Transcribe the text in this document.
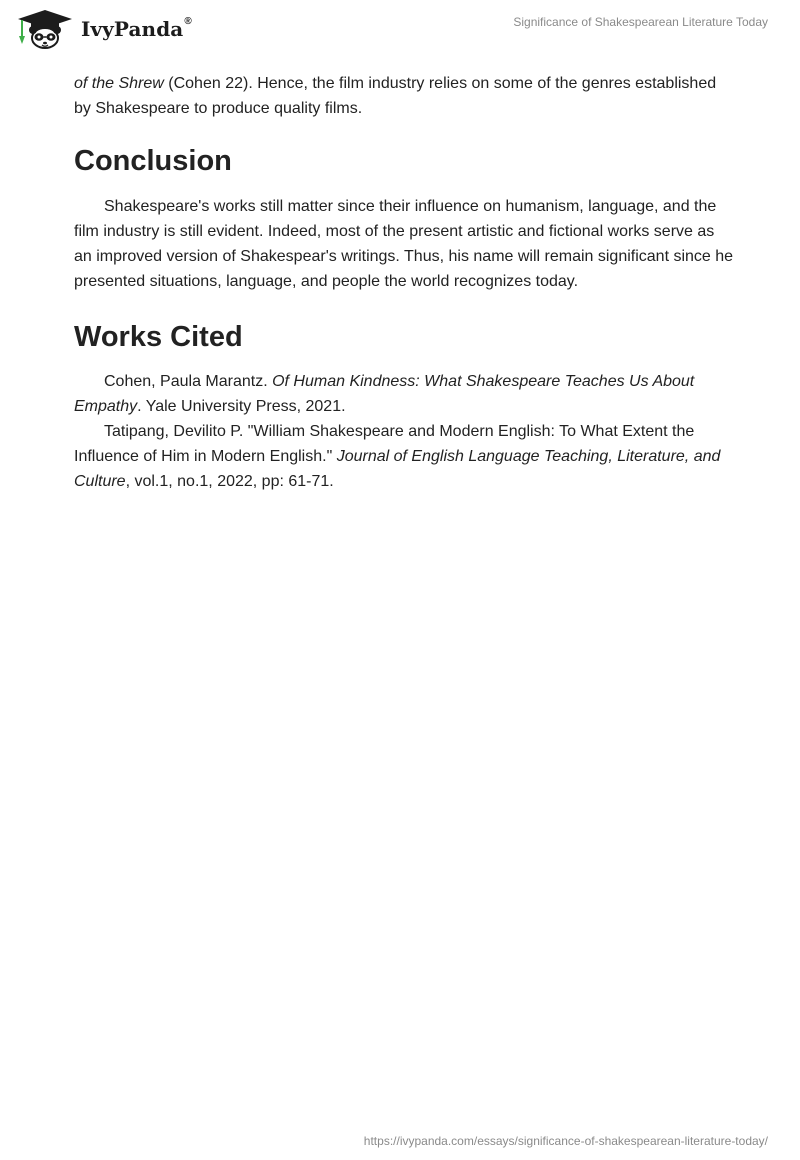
IvyPanda®	Significance of Shakespearean Literature Today

of the Shrew (Cohen 22). Hence, the film industry relies on some of the genres established by Shakespeare to produce quality films.

Conclusion

Shakespeare's works still matter since their influence on humanism, language, and the film industry is still evident. Indeed, most of the present artistic and fictional works serve as an improved version of Shakespear's writings. Thus, his name will remain significant since he presented situations, language, and people the world recognizes today.

Works Cited

Cohen, Paula Marantz. Of Human Kindness: What Shakespeare Teaches Us About Empathy. Yale University Press, 2021.

Tatipang, Devilito P. "William Shakespeare and Modern English: To What Extent the Influence of Him in Modern English." Journal of English Language Teaching, Literature, and Culture, vol.1, no.1, 2022, pp: 61-71.

https://ivypanda.com/essays/significance-of-shakespearean-literature-today/
